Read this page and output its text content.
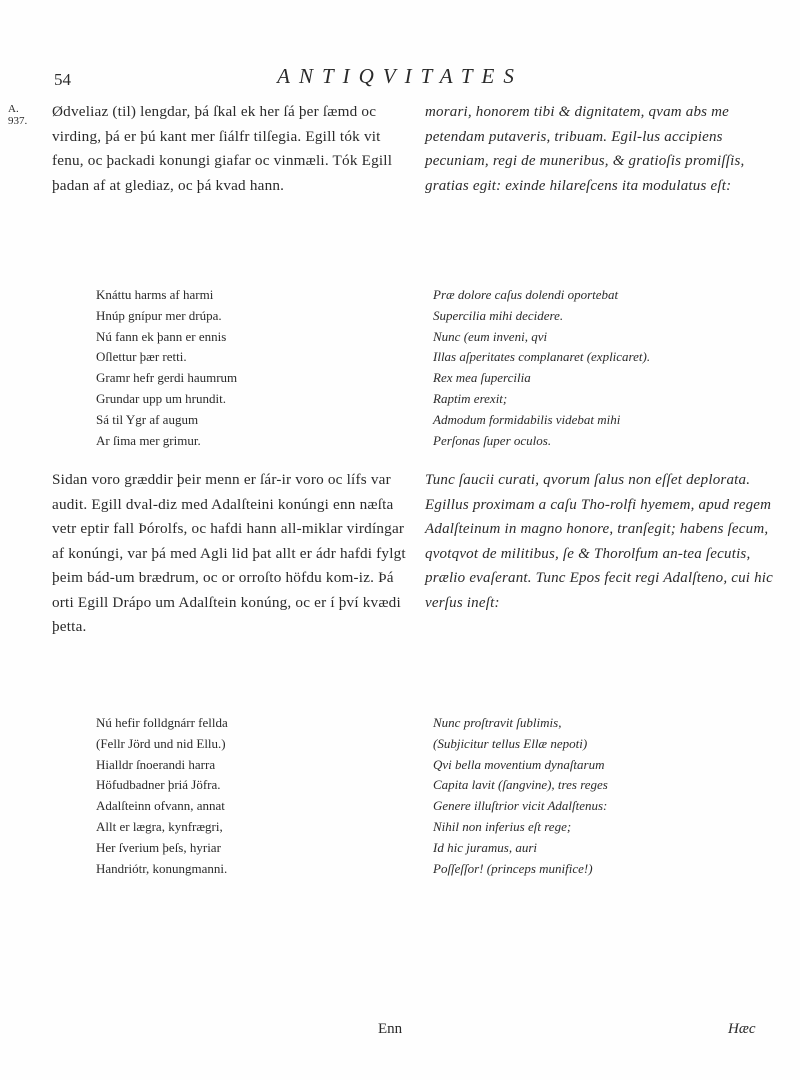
54	ANTIQVITATES
A.
937.

Ødveliaz (til) lengdar, þá ſkal ek her ſá þer ſæmd oc virding, þá er þú kant mer ſiálfr tilſegia. Egill tók vit fenu, oc þackadi konungi giafar oc vinmæli. Tók Egill þadan af at glediaz, oc þá kvad hann.

Knáttu harms af harmi
Hnúp gnípur mer drúpa.
Nú fann ek þann er ennis
Oſlettur þær retti.
Gramr hefr gerdi haumrum
Grundar upp um hrundit.
Sá til Ygr af augum
Ar ſima mer grimur.

Sidan voro græddir þeir menn er ſár-ir voro oc lífs var audit. Egill dval-diz med Adalſteini konúngi enn næſta vetr eptir fall Þórolfs, oc hafdi hann all-miklar virdíngar af konúngi, var þá med Agli lid þat allt er ádr hafdi fylgt þeim bád-um brædrum, oc or orroſto höfdu kom-iz. Þá orti Egill Drápo um Adalſtein konúng, oc er í því kvædi þetta.

Nú hefir folldgnárr fellda
(Fellr Jörd und nid Ellu.)
Hialldr ſnoerandi harra
Höfudbadner þriá Jöfra.
Adalſteinn ofvann, annat
Allt er lægra, kynfrægri,
Her ſverium þeſs, hyriar
Handriótr, konungmanni.
Enn

morari, honorem tibi & dignitatem, qvam abs me petendam putaveris, tribuam. Egil-lus accipiens pecuniam, regi de muneribus, & gratioſis promiſſis, gratias egit: exinde hilareſcens ita modulatus eſt:

Præ dolore caſus dolendi oportebat
Supercilia mihi decidere.
Nunc (eum inveni, qvi
Illas aſperitates complanaret (explicaret).
Rex mea ſupercilia
Raptim erexit;
Admodum formidabilis videbat mihi
Perſonas ſuper oculos.

Tunc ſaucii curati, qvorum ſalus non eſſet deplorata. Egillus proximam a caſu Tho-rolfi hyemem, apud regem Adalſteinum in magno honore, tranſegit; habens ſecum, qvotqvot de militibus, ſe & Thorolfum an-tea ſecutis, prælio evaſerant. Tunc Epos fecit regi Adalſteno, cui hic verſus ineſt:

Nunc proſtravit ſublimis,
(Subjicitur tellus Ellæ nepoti)
Qvi bella moventium dynaſtarum
Capita lavit (ſangvine), tres reges
Genere illuſtrior vicit Adalſtenus:
Nihil non inferius eſt rege;
Id hic juramus, auri
Poſſeſſor! (princeps munifice!)
Hæc
